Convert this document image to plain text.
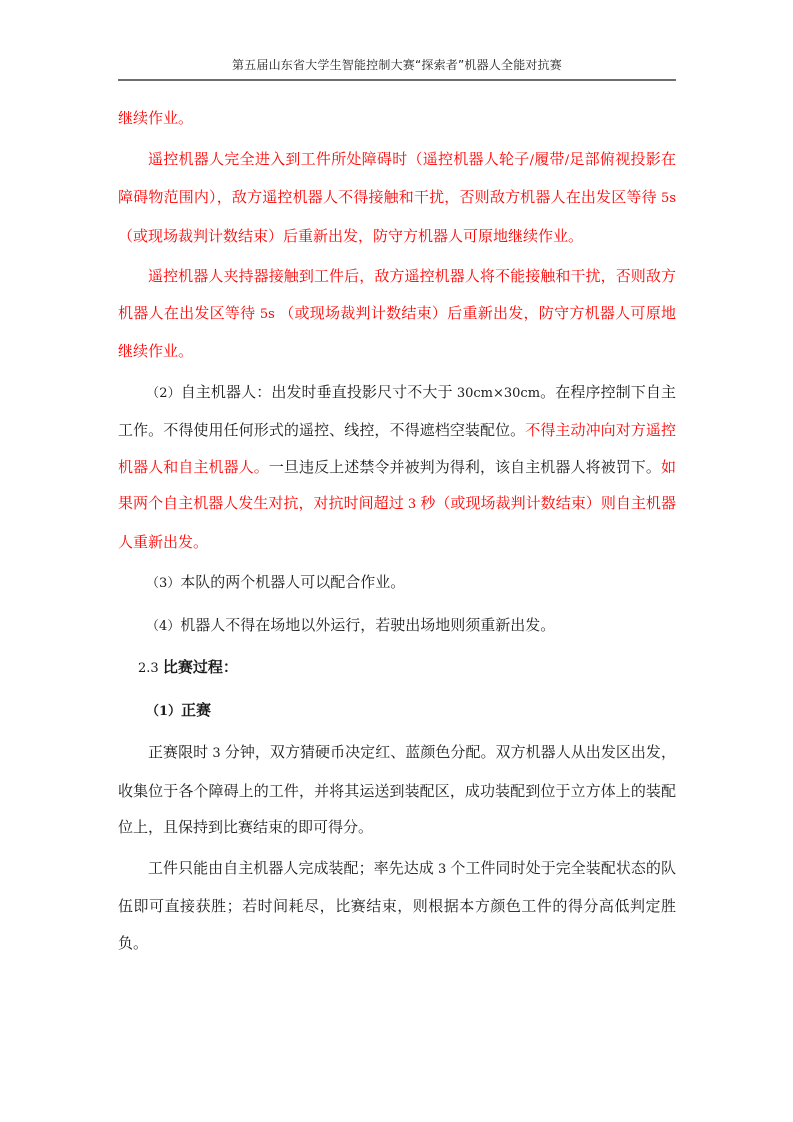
第五届山东省大学生智能控制大赛“探索者”机器人全能对抗赛

继续作业。

遥控机器人完全进入到工件所处障碍时（遥控机器人轮子/履带/足部俯视投影在障碍物范围内），敌方遥控机器人不得接触和干扰，否则敌方机器人在出发区等待 5s （或现场裁判计数结束）后重新出发，防守方机器人可原地继续作业。

遥控机器人夹持器接触到工件后，敌方遥控机器人将不能接触和干扰，否则敌方机器人在出发区等待 5s （或现场裁判计数结束）后重新出发，防守方机器人可原地继续作业。

（2）自主机器人：出发时垂直投影尺寸不大于 30cm×30cm。在程序控制下自主工作。不得使用任何形式的遥控、线控，不得遮档空装配位。不得主动冲向对方遥控机器人和自主机器人。一旦违反上述禁令并被判为得利，该自主机器人将被罚下。如果两个自主机器人发生对抗，对抗时间超过 3 秒（或现场裁判计数结束）则自主机器人重新出发。

（3）本队的两个机器人可以配合作业。

（4）机器人不得在场地以外运行，若驶出场地则须重新出发。

2.3 比赛过程：

（1）正赛

正赛限时 3 分钟，双方猜硬币决定红、蓝颜色分配。双方机器人从出发区出发，收集位于各个障碍上的工件，并将其运送到装配区，成功装配到位于立方体上的装配位上，且保持到比赛结束的即可得分。

工件只能由自主机器人完成装配；率先达成 3 个工件同时处于完全装配状态的队伍即可直接获胜；若时间耗尽，比赛结束，则根据本方颜色工件的得分高低判定胜负。
